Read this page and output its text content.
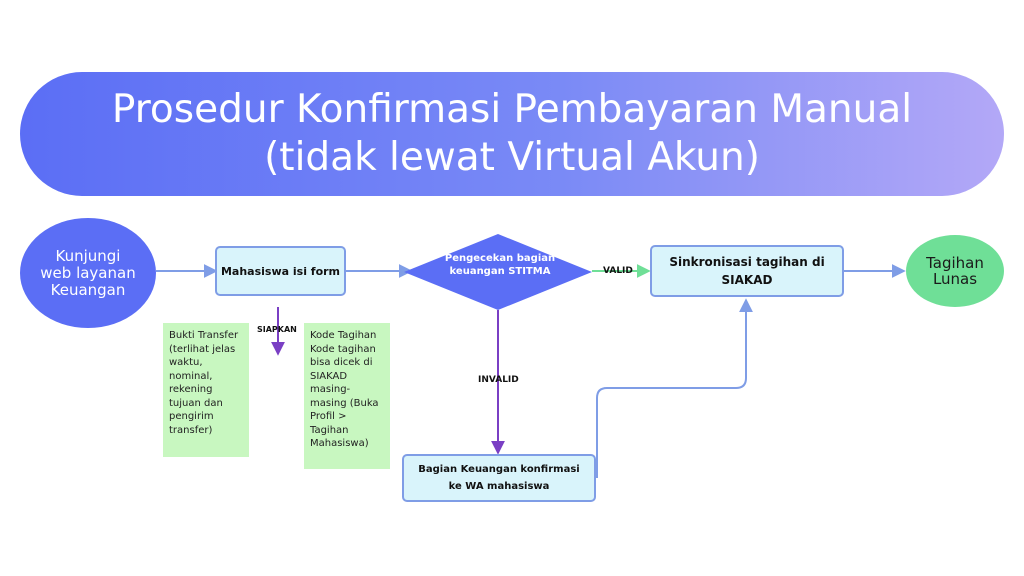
Prosedur Konfirmasi Pembayaran Manual
(tidak lewat Virtual Akun)
Kunjungi web layanan Keuangan
Mahasiswa isi form
Pengecekan bagian keuangan STITMA
Sinkronisasi tagihan di SIAKAD
Tagihan Lunas
Bagian Keuangan konfirmasi ke WA mahasiswa
Bukti Transfer (terlihat jelas waktu, nominal, rekening tujuan dan pengirim transfer)
Kode Tagihan Kode tagihan bisa dicek di SIAKAD masing-masing (Buka Profil > Tagihan Mahasiswa)
SIAPKAN
VALID
INVALID
